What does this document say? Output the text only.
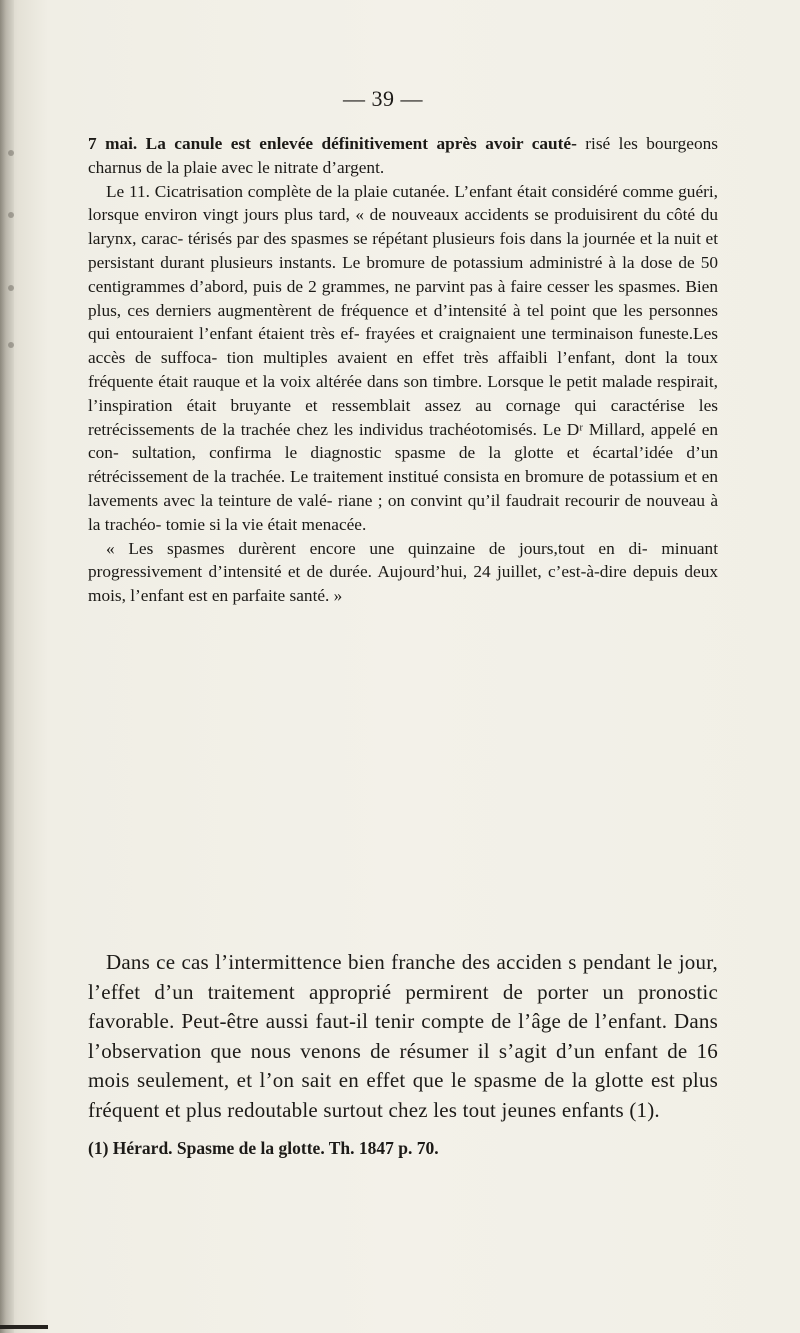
— 39 —

7 mai. La canule est enlevée définitivement après avoir cauté- risé les bourgeons charnus de la plaie avec le nitrate d’argent.

Le 11. Cicatrisation complète de la plaie cutanée. L’enfant était considéré comme guéri, lorsque environ vingt jours plus tard, « de nouveaux accidents se produisirent du côté du larynx, carac- térisés par des spasmes se répétant plusieurs fois dans la journée et la nuit et persistant durant plusieurs instants. Le bromure de potassium administré à la dose de 50 centigrammes d’abord, puis de 2 grammes, ne parvint pas à faire cesser les spasmes. Bien plus, ces derniers augmentèrent de fréquence et d’intensité à tel point que les personnes qui entouraient l’enfant étaient très ef- frayées et craignaient une terminaison funeste.Les accès de suffoca- tion multiples avaient en effet très affaibli l’enfant, dont la toux fréquente était rauque et la voix altérée dans son timbre. Lorsque le petit malade respirait, l’inspiration était bruyante et ressemblait assez au cornage qui caractérise les retrécissements de la trachée chez les individus trachéotomisés. Le Dʳ Millard, appelé en con- sultation, confirma le diagnostic spasme de la glotte et écartal’idée d’un rétrécissement de la trachée. Le traitement institué consista en bromure de potassium et en lavements avec la teinture de valé- riane ; on convint qu’il faudrait recourir de nouveau à la trachéo- tomie si la vie était menacée.

« Les spasmes durèrent encore une quinzaine de jours,tout en di- minuant progressivement d’intensité et de durée. Aujourd’hui, 24 juillet, c’est-à-dire depuis deux mois, l’enfant est en parfaite santé. »

Dans ce cas l’intermittence bien franche des acciden s pendant le jour, l’effet d’un traitement approprié permirent de porter un pronostic favorable. Peut-être aussi faut-il tenir compte de l’âge de l’enfant. Dans l’observation que nous venons de résumer il s’agit d’un enfant de 16 mois seulement, et l’on sait en effet que le spasme de la glotte est plus fréquent et plus redoutable surtout chez les tout jeunes enfants (1).

(1) Hérard. Spasme de la glotte. Th. 1847 p. 70.
